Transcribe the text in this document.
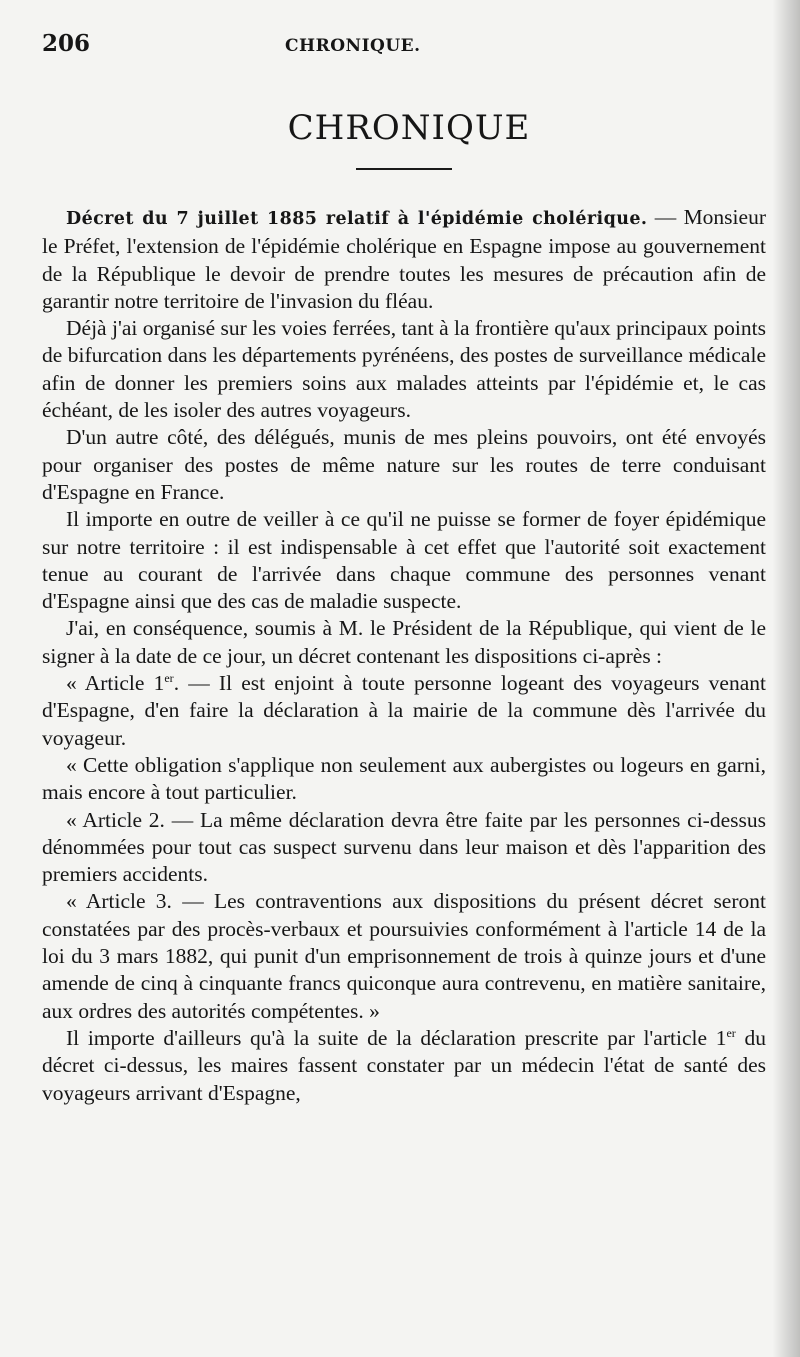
206	CHRONIQUE.
CHRONIQUE

Décret du 7 juillet 1885 relatif à l'épidémie cholérique. — Monsieur le Préfet, l'extension de l'épidémie cholérique en Espagne impose au gouvernement de la République le devoir de prendre toutes les mesures de précaution afin de garantir notre territoire de l'invasion du fléau.

Déjà j'ai organisé sur les voies ferrées, tant à la frontière qu'aux principaux points de bifurcation dans les départements pyrénéens, des postes de surveillance médicale afin de donner les premiers soins aux malades atteints par l'épidémie et, le cas échéant, de les isoler des autres voyageurs.

D'un autre côté, des délégués, munis de mes pleins pouvoirs, ont été envoyés pour organiser des postes de même nature sur les routes de terre conduisant d'Espagne en France.

Il importe en outre de veiller à ce qu'il ne puisse se former de foyer épidémique sur notre territoire : il est indispensable à cet effet que l'autorité soit exactement tenue au courant de l'arrivée dans chaque commune des personnes venant d'Espagne ainsi que des cas de maladie suspecte.

J'ai, en conséquence, soumis à M. le Président de la République, qui vient de le signer à la date de ce jour, un décret contenant les dispositions ci-après :

« Article 1er. — Il est enjoint à toute personne logeant des voyageurs venant d'Espagne, d'en faire la déclaration à la mairie de la commune dès l'arrivée du voyageur.

« Cette obligation s'applique non seulement aux aubergistes ou logeurs en garni, mais encore à tout particulier.

« Article 2. — La même déclaration devra être faite par les personnes ci-dessus dénommées pour tout cas suspect survenu dans leur maison et dès l'apparition des premiers accidents.

« Article 3. — Les contraventions aux dispositions du présent décret seront constatées par des procès-verbaux et poursuivies conformément à l'article 14 de la loi du 3 mars 1882, qui punit d'un emprisonnement de trois à quinze jours et d'une amende de cinq à cinquante francs quiconque aura contrevenu, en matière sanitaire, aux ordres des autorités compétentes. »

Il importe d'ailleurs qu'à la suite de la déclaration prescrite par l'article 1er du décret ci-dessus, les maires fassent constater par un médecin l'état de santé des voyageurs arrivant d'Espagne,
